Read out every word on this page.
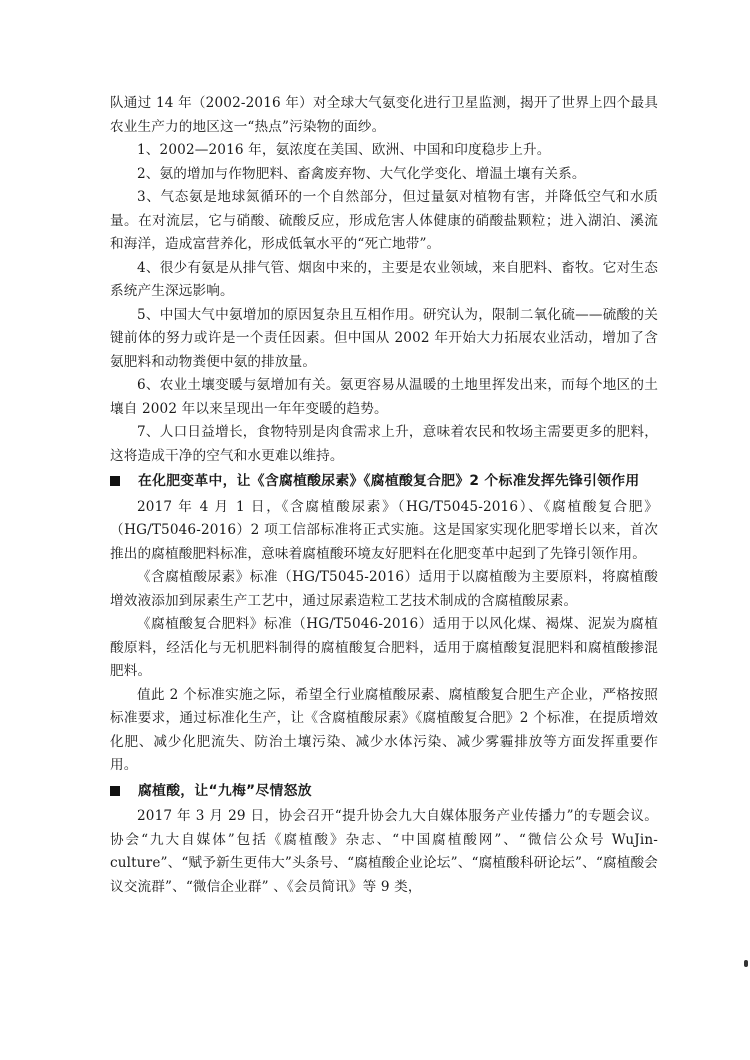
队通过 14 年（2002-2016 年）对全球大气氨变化进行卫星监测，揭开了世界上四个最具农业生产力的地区这一“热点”污染物的面纱。

1、2002—2016 年，氨浓度在美国、欧洲、中国和印度稳步上升。

2、氨的增加与作物肥料、畜禽废弃物、大气化学变化、增温土壤有关系。

3、气态氨是地球氮循环的一个自然部分，但过量氨对植物有害，并降低空气和水质量。在对流层，它与硝酸、硫酸反应，形成危害人体健康的硝酸盐颗粒；进入湖泊、溪流和海洋，造成富营养化，形成低氧水平的“死亡地带”。

4、很少有氨是从排气管、烟囱中来的，主要是农业领域，来自肥料、畜牧。它对生态系统产生深远影响。

5、中国大气中氨增加的原因复杂且互相作用。研究认为，限制二氧化硫——硫酸的关键前体的努力或许是一个责任因素。但中国从 2002 年开始大力拓展农业活动，增加了含氨肥料和动物粪便中氨的排放量。

6、农业土壤变暖与氨增加有关。氨更容易从温暖的土地里挥发出来，而每个地区的土壤自 2002 年以来呈现出一年年变暖的趋势。

7、人口日益增长，食物特别是肉食需求上升，意味着农民和牧场主需要更多的肥料，这将造成干净的空气和水更难以维持。

在化肥变革中，让《含腐植酸尿素》《腐植酸复合肥》2 个标准发挥先锋引领作用

2017 年 4 月 1 日，《含腐植酸尿素》（HG/T5045-2016）、《腐植酸复合肥》（HG/T5046-2016）2 项工信部标准将正式实施。这是国家实现化肥零增长以来，首次推出的腐植酸肥料标准，意味着腐植酸环境友好肥料在化肥变革中起到了先锋引领作用。

《含腐植酸尿素》标准（HG/T5045-2016）适用于以腐植酸为主要原料，将腐植酸增效液添加到尿素生产工艺中，通过尿素造粒工艺技术制成的含腐植酸尿素。

《腐植酸复合肥料》标准（HG/T5046-2016）适用于以风化煤、褐煤、泥炭为腐植酸原料，经活化与无机肥料制得的腐植酸复合肥料，适用于腐植酸复混肥料和腐植酸掺混肥料。

值此 2 个标准实施之际，希望全行业腐植酸尿素、腐植酸复合肥生产企业，严格按照标准要求，通过标准化生产，让《含腐植酸尿素》《腐植酸复合肥》2 个标准，在提质增效化肥、减少化肥流失、防治土壤污染、减少水体污染、减少雾霾排放等方面发挥重要作用。

腐植酸，让“九梅”尽情怒放

2017 年 3 月 29 日，协会召开“提升协会九大自媒体服务产业传播力”的专题会议。协会“九大自媒体”包括《腐植酸》杂志、“中国腐植酸网”、“微信公众号 WuJin-culture”、“赋予新生更伟大”头条号、“腐植酸企业论坛”、“腐植酸科研论坛”、“腐植酸会议交流群”、“微信企业群” 、《会员简讯》等 9 类，
